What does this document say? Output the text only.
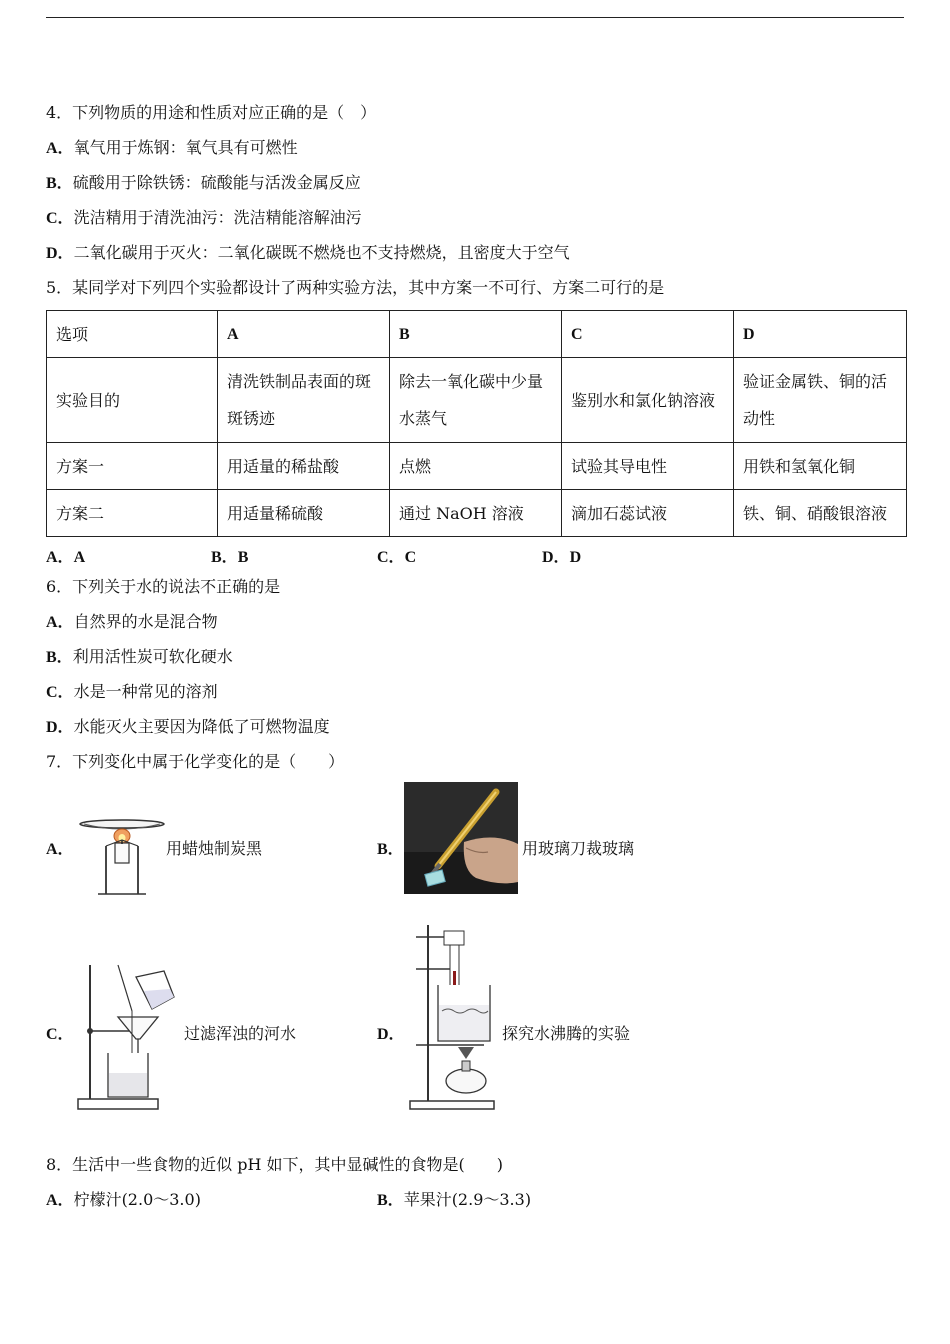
4．下列物质的用途和性质对应正确的是（　）
A．氧气用于炼钢：氧气具有可燃性
B．硫酸用于除铁锈：硫酸能与活泼金属反应
C．洗洁精用于清洗油污：洗洁精能溶解油污
D．二氧化碳用于灭火：二氧化碳既不燃烧也不支持燃烧，且密度大于空气
5．某同学对下列四个实验都设计了两种实验方法，其中方案一不可行、方案二可行的是
选项	A	B	C	D
实验目的	清洗铁制品表面的斑斑锈迹	除去一氧化碳中少量水蒸气	鉴别水和氯化钠溶液	验证金属铁、铜的活动性
方案一	用适量的稀盐酸	点燃	试验其导电性	用铁和氢氧化铜
方案二	用适量稀硫酸	通过 NaOH 溶液	滴加石蕊试液	铁、铜、硝酸银溶液
A．A	B．B	C．C	D．D
6．下列关于水的说法不正确的是
A．自然界的水是混合物
B．利用活性炭可软化硬水
C．水是一种常见的溶剂
D．水能灭火主要因为降低了可燃物温度
7．下列变化中属于化学变化的是（　　）
A．	用蜡烛制炭黑	B．	用玻璃刀裁玻璃
C．	过滤浑浊的河水	D．	探究水沸腾的实验
8．生活中一些食物的近似 pH 如下，其中显碱性的食物是(　　)
A．柠檬汁(2.0～3.0)	B．苹果汁(2.9～3.3)
